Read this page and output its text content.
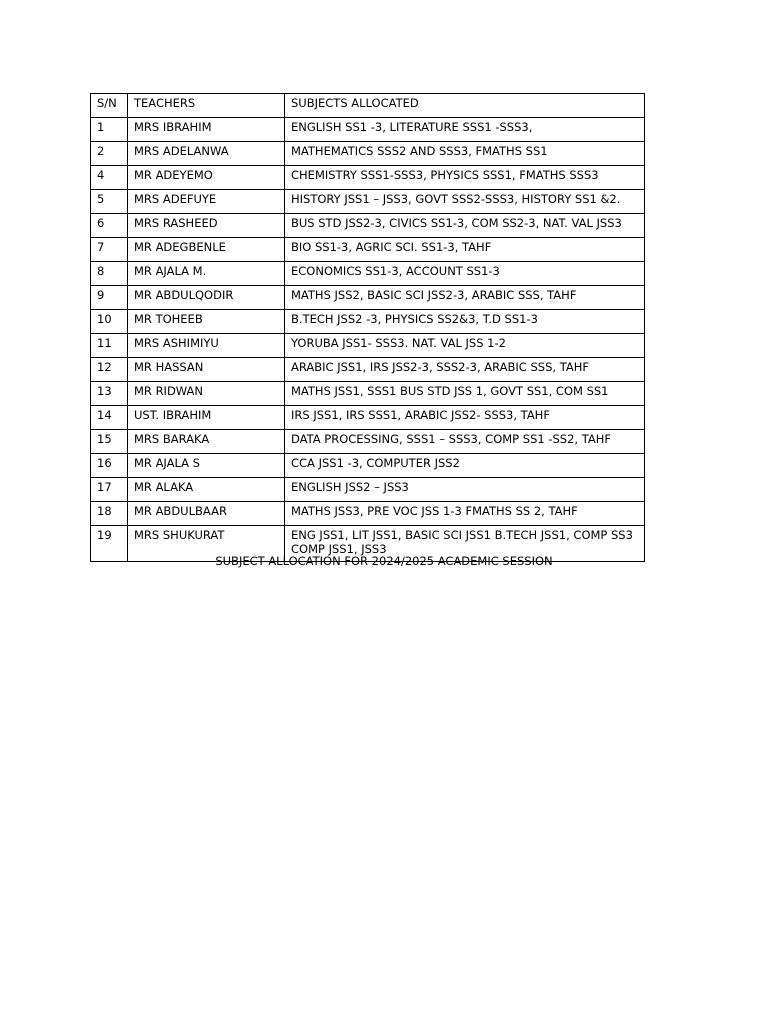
S/N	TEACHERS	SUBJECTS ALLOCATED
1	MRS IBRAHIM	ENGLISH SS1 -3, LITERATURE SSS1 -SSS3,
2	MRS ADELANWA	MATHEMATICS SSS2 AND SSS3, FMATHS SS1
4	MR ADEYEMO	CHEMISTRY SSS1-SSS3, PHYSICS SSS1, FMATHS SSS3
5	MRS ADEFUYE	HISTORY JSS1 – JSS3, GOVT SSS2-SSS3, HISTORY SS1 &2.
6	MRS RASHEED	BUS STD JSS2-3, CIVICS SS1-3, COM SS2-3, NAT. VAL JSS3
7	MR ADEGBENLE	BIO SS1-3, AGRIC SCI. SS1-3, TAHF
8	MR AJALA M.	ECONOMICS SS1-3, ACCOUNT SS1-3
9	MR ABDULQODIR	MATHS JSS2, BASIC SCI JSS2-3, ARABIC SSS, TAHF
10	MR TOHEEB	B.TECH JSS2 -3, PHYSICS SS2&3, T.D SS1-3
11	MRS ASHIMIYU	YORUBA JSS1- SSS3. NAT. VAL JSS 1-2
12	MR HASSAN	ARABIC JSS1, IRS JSS2-3, SSS2-3, ARABIC SSS, TAHF
13	MR RIDWAN	MATHS JSS1, SSS1 BUS STD JSS 1, GOVT SS1, COM SS1
14	UST. IBRAHIM	IRS JSS1, IRS SSS1, ARABIC JSS2- SSS3, TAHF
15	MRS BARAKA	DATA PROCESSING, SSS1 – SSS3, COMP SS1 -SS2, TAHF
16	MR AJALA S	CCA JSS1 -3, COMPUTER JSS2
17	MR ALAKA	ENGLISH JSS2 – JSS3
18	MR ABDULBAAR	MATHS JSS3, PRE VOC JSS 1-3 FMATHS SS 2, TAHF
19	MRS SHUKURAT	ENG JSS1, LIT JSS1, BASIC SCI JSS1 B.TECH JSS1, COMP SS3 COMP JSS1, JSS3
SUBJECT ALLOCATION FOR 2024/2025 ACADEMIC SESSION
